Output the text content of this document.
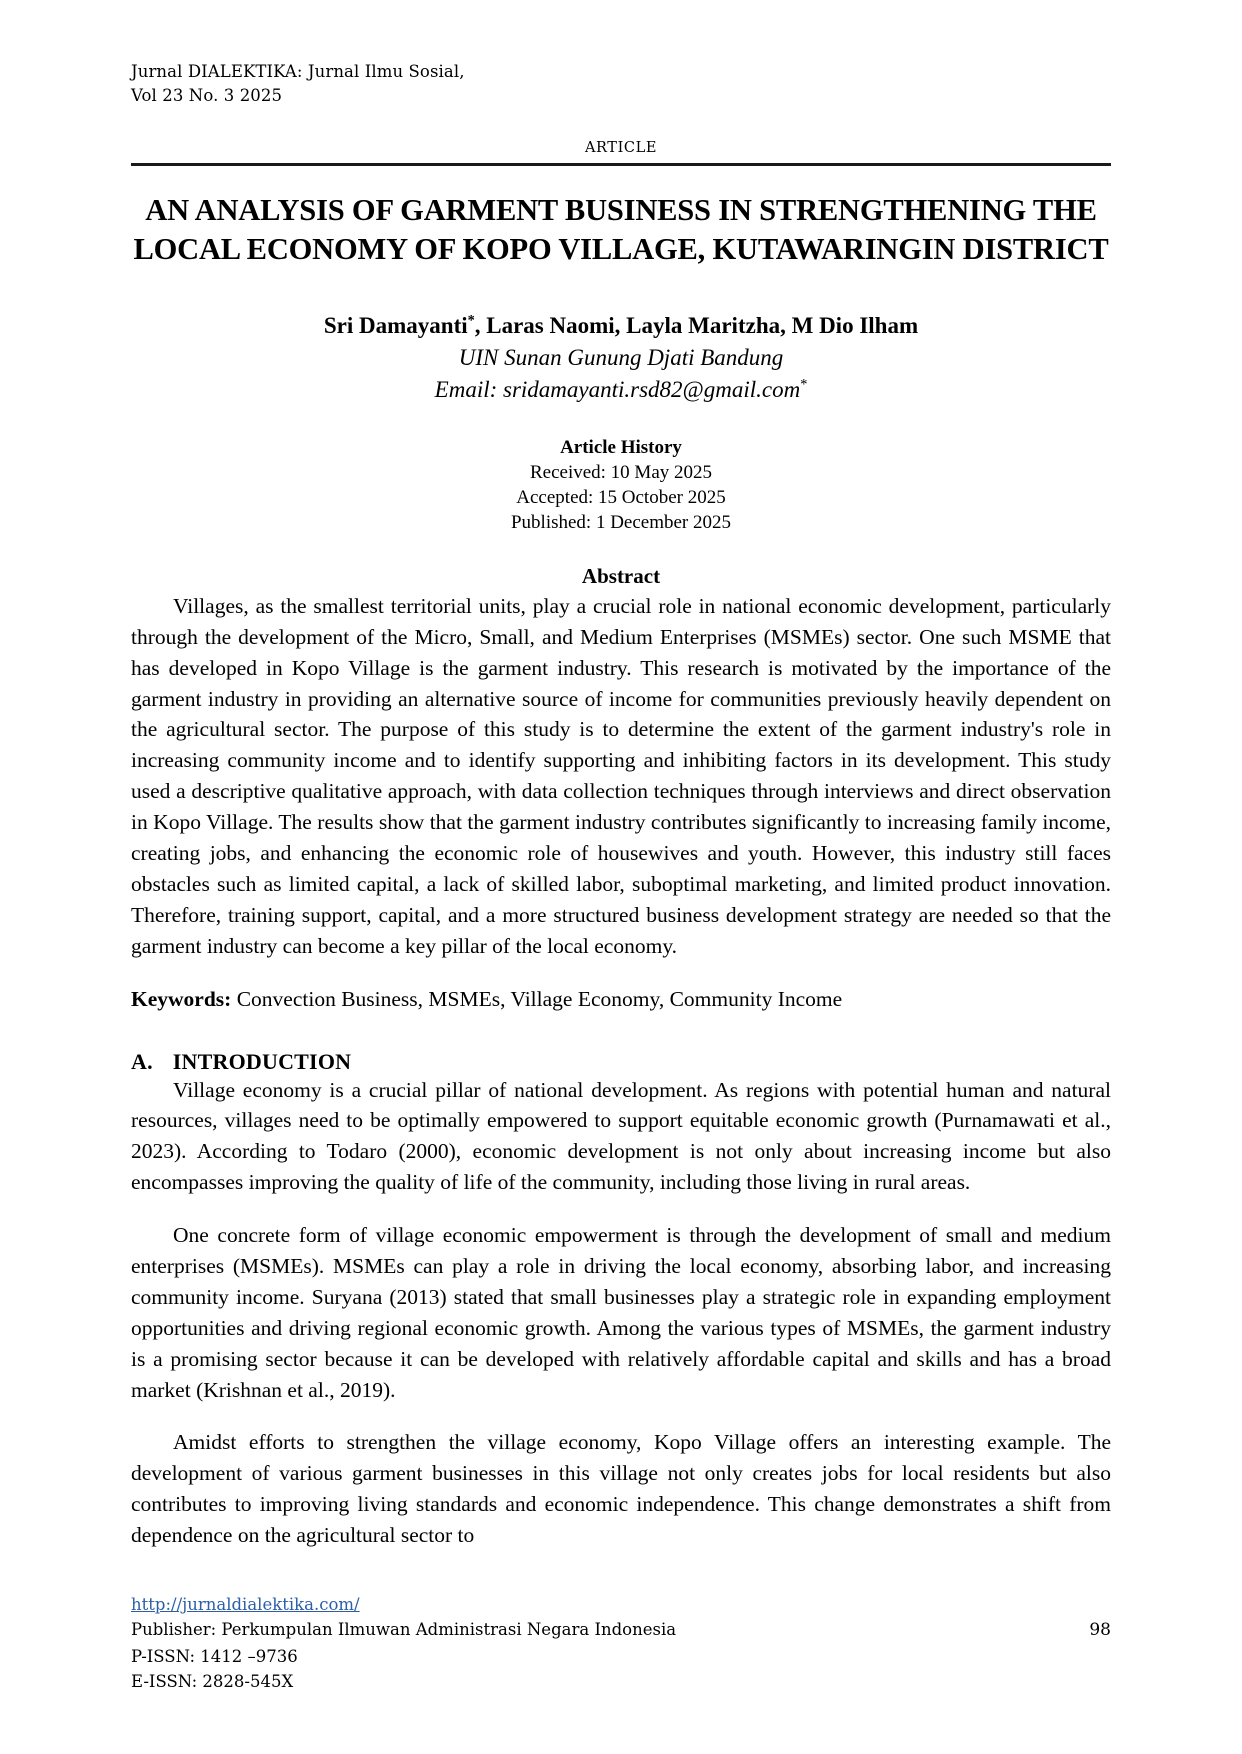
Jurnal DIALEKTIKA: Jurnal Ilmu Sosial,
Vol 23 No. 3 2025
ARTICLE
AN ANALYSIS OF GARMENT BUSINESS IN STRENGTHENING THE LOCAL ECONOMY OF KOPO VILLAGE, KUTAWARINGIN DISTRICT
Sri Damayanti*, Laras Naomi, Layla Maritzha, M Dio Ilham
UIN Sunan Gunung Djati Bandung
Email: sridamayanti.rsd82@gmail.com*
Article History
Received: 10 May 2025
Accepted: 15 October 2025
Published: 1 December 2025
Abstract

Villages, as the smallest territorial units, play a crucial role in national economic development, particularly through the development of the Micro, Small, and Medium Enterprises (MSMEs) sector. One such MSME that has developed in Kopo Village is the garment industry. This research is motivated by the importance of the garment industry in providing an alternative source of income for communities previously heavily dependent on the agricultural sector. The purpose of this study is to determine the extent of the garment industry's role in increasing community income and to identify supporting and inhibiting factors in its development. This study used a descriptive qualitative approach, with data collection techniques through interviews and direct observation in Kopo Village. The results show that the garment industry contributes significantly to increasing family income, creating jobs, and enhancing the economic role of housewives and youth. However, this industry still faces obstacles such as limited capital, a lack of skilled labor, suboptimal marketing, and limited product innovation. Therefore, training support, capital, and a more structured business development strategy are needed so that the garment industry can become a key pillar of the local economy.

Keywords: Convection Business, MSMEs, Village Economy, Community Income

A. INTRODUCTION

Village economy is a crucial pillar of national development. As regions with potential human and natural resources, villages need to be optimally empowered to support equitable economic growth (Purnamawati et al., 2023). According to Todaro (2000), economic development is not only about increasing income but also encompasses improving the quality of life of the community, including those living in rural areas.

One concrete form of village economic empowerment is through the development of small and medium enterprises (MSMEs). MSMEs can play a role in driving the local economy, absorbing labor, and increasing community income. Suryana (2013) stated that small businesses play a strategic role in expanding employment opportunities and driving regional economic growth. Among the various types of MSMEs, the garment industry is a promising sector because it can be developed with relatively affordable capital and skills and has a broad market (Krishnan et al., 2019).

Amidst efforts to strengthen the village economy, Kopo Village offers an interesting example. The development of various garment businesses in this village not only creates jobs for local residents but also contributes to improving living standards and economic independence. This change demonstrates a shift from dependence on the agricultural sector to

http://jurnaldialektika.com/
Publisher: Perkumpulan Ilmuwan Administrasi Negara Indonesia	98
P-ISSN: 1412 –9736
E-ISSN: 2828-545X
